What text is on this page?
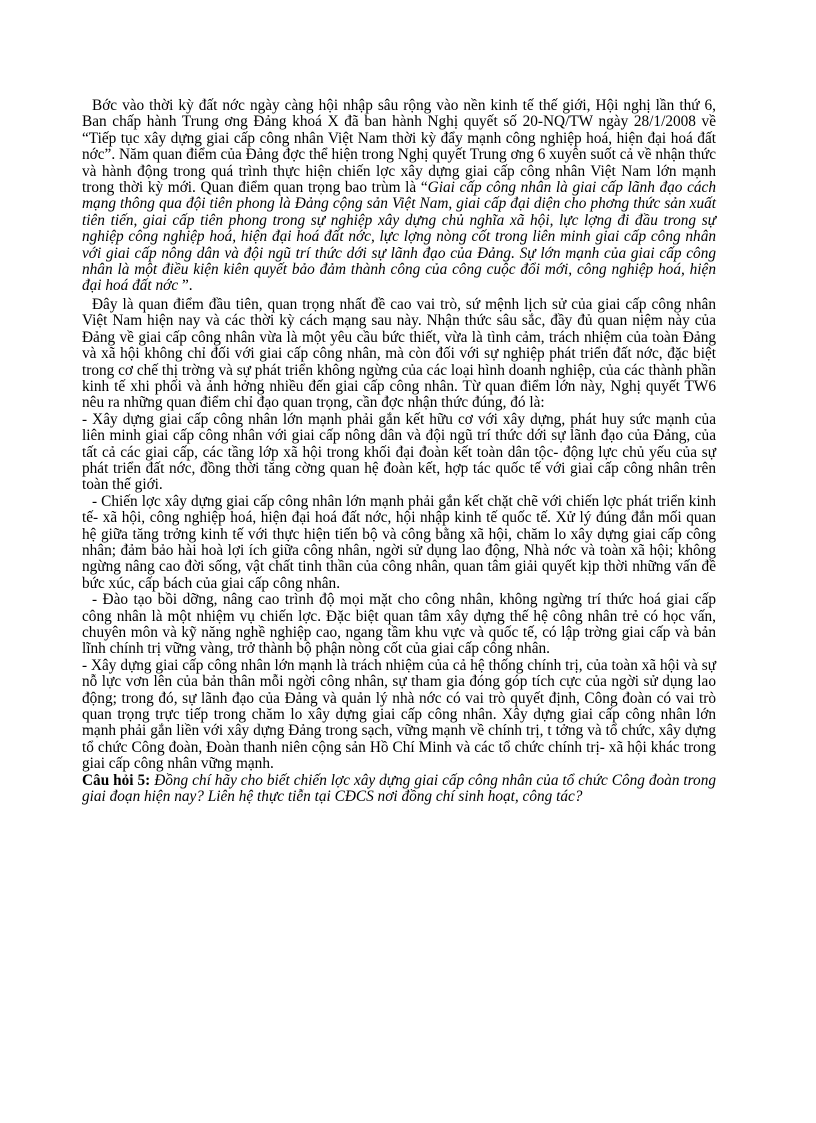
Bớc vào thời kỳ đất nớc ngày càng hội nhập sâu rộng vào nền kinh tế thế giới, Hội nghị lần thứ 6, Ban chấp hành Trung ơng Đảng khoá X đã ban hành Nghị quyết số 20-NQ/TW ngày 28/1/2008 về “Tiếp tục xây dựng giai cấp công nhân Việt Nam thời kỳ đẩy mạnh công nghiệp hoá, hiện đại hoá đất nớc”. Năm quan điểm của Đảng đợc thể hiện trong Nghị quyết Trung ơng 6 xuyên suốt cả về nhận thức và hành động trong quá trình thực hiện chiến lợc xây dựng giai cấp công nhân Việt Nam lớn mạnh trong thời kỳ mới. Quan điểm quan trọng bao trùm là “Giai cấp công nhân là giai cấp lãnh đạo cách mạng thông qua đội tiên phong là Đảng cộng sản Việt Nam, giai cấp đại diện cho phơng thức sản xuất tiên tiến, giai cấp tiên phong trong sự nghiệp xây dựng chủ nghĩa xã hội, lực lợng đi đầu trong sự nghiệp công nghiệp hoá, hiện đại hoá đất nớc, lực lợng nòng cốt trong liên minh giai cấp công nhân với giai cấp nông dân và đội ngũ trí thức dới sự lãnh đạo của Đảng. Sự lớn mạnh của giai cấp công nhân là một điều kiện kiên quyết bảo đảm thành công của công cuộc đổi mới, công nghiệp hoá, hiện đại hoá đất nớc ”.

Đây là quan điểm đầu tiên, quan trọng nhất đề cao vai trò, sứ mệnh lịch sử của giai cấp công nhân Việt Nam hiện nay và các thời kỳ cách mạng sau này. Nhận thức sâu sắc, đầy đủ quan niệm này của Đảng về giai cấp công nhân vừa là một yêu cầu bức thiết, vừa là tình cảm, trách nhiệm của toàn Đảng và xã hội không chỉ đối với giai cấp công nhân, mà còn đối với sự nghiệp phát triển đất nớc, đặc biệt trong cơ chế thị trờng và sự phát triển không ngừng của các loại hình doanh nghiệp, của các thành phần kinh tế xhi phối và ảnh hởng nhiều đến giai cấp công nhân. Từ quan điểm lớn này, Nghị quyết TW6 nêu ra những quan điểm chỉ đạo quan trọng, cần đợc nhận thức đúng, đó là:

- Xây dựng giai cấp công nhân lớn mạnh phải gắn kết hữu cơ với xây dựng, phát huy sức mạnh của liên minh giai cấp công nhân với giai cấp nông dân và đội ngũ trí thức dới sự lãnh đạo của Đảng, của tất cả các giai cấp, các tầng lớp xã hội trong khối đại đoàn kết toàn dân tộc- động lực chủ yếu của sự phát triển đất nớc, đồng thời tăng cờng quan hệ đoàn kết, hợp tác quốc tế với giai cấp công nhân trên toàn thế giới.

- Chiến lợc xây dựng giai cấp công nhân lớn mạnh phải gắn kết chặt chẽ với chiến lợc phát triển kinh tế- xã hội, công nghiệp hoá, hiện đại hoá đất nớc, hội nhập kinh tế quốc tế. Xử lý đúng đắn mối quan hệ giữa tăng trởng kinh tế với thực hiện tiến bộ và công bằng xã hội, chăm lo xây dựng giai cấp công nhân; đảm bảo hài hoà lợi ích giữa công nhân, ngời sử dụng lao động, Nhà nớc và toàn xã hội; không ngừng nâng cao đời sống, vật chất tinh thần của công nhân, quan tâm giải quyết kịp thời những vấn đề bức xúc, cấp bách của giai cấp công nhân.

- Đào tạo bồi dỡng, nâng cao trình độ mọi mặt cho công nhân, không ngừng trí thức hoá giai cấp công nhân là một nhiệm vụ chiến lợc. Đặc biệt quan tâm xây dựng thế hệ công nhân trẻ có học vấn, chuyên môn và kỹ năng nghề nghiệp cao, ngang tầm khu vực và quốc tế, có lập trờng giai cấp và bản lĩnh chính trị vững vàng, trở thành bộ phận nòng cốt của giai cấp công nhân.

- Xây dựng giai cấp công nhân lớn mạnh là trách nhiệm của cả hệ thống chính trị, của toàn xã hội và sự nỗ lực vơn lên của bản thân mỗi ngời công nhân, sự tham gia đóng góp tích cực của ngời sử dụng lao động; trong đó, sự lãnh đạo của Đảng và quản lý nhà nớc có vai trò quyết định, Công đoàn có vai trò quan trọng trực tiếp trong chăm lo xây dựng giai cấp công nhân. Xây dựng giai cấp công nhân lớn mạnh phải gắn liền với xây dựng Đảng trong sạch, vững mạnh về chính trị, t tởng và tổ chức, xây dựng tổ chức Công đoàn, Đoàn thanh niên cộng sản Hồ Chí Minh và các tổ chức chính trị- xã hội khác trong giai cấp công nhân vững mạnh.

Câu hỏi 5: Đồng chí hãy cho biết chiến lợc xây dựng giai cấp công nhân của tổ chức Công đoàn trong giai đoạn hiện nay? Liên hệ thực tiễn tại CĐCS nơi đồng chí sinh hoạt, công tác?
